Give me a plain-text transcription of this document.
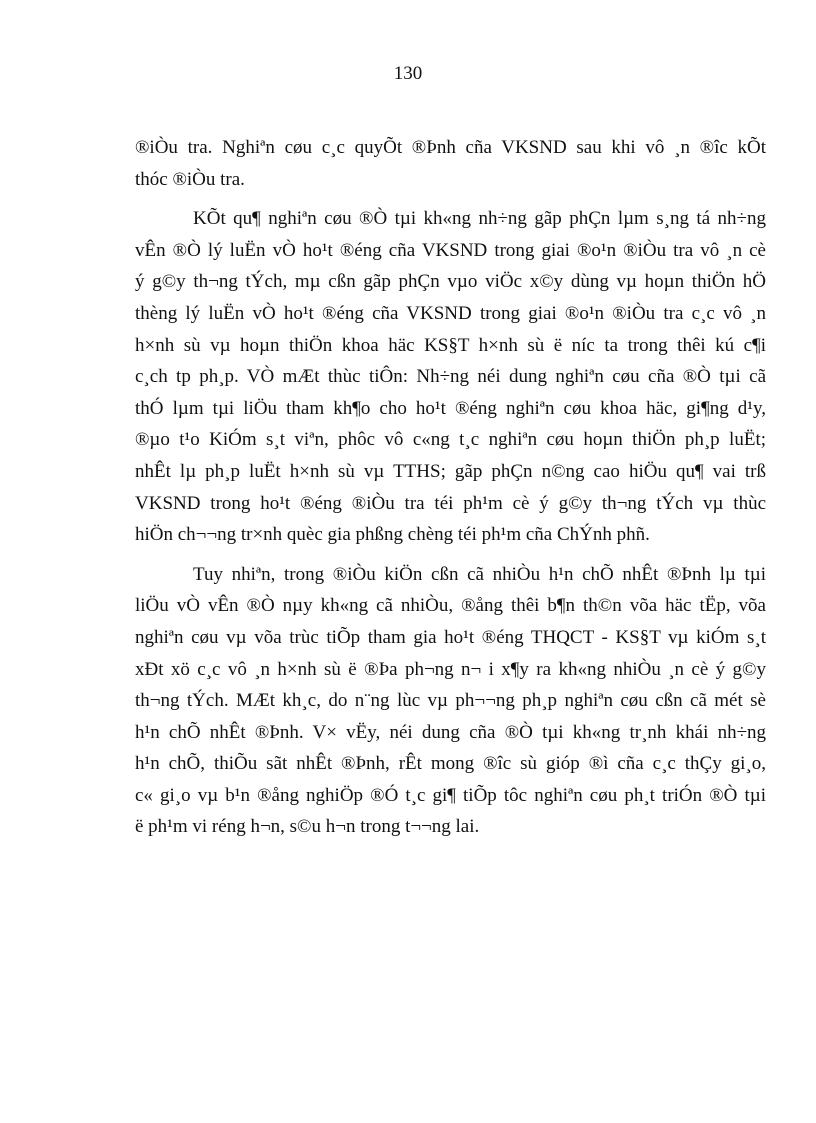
130
®iÒu tra. Nghiªn cøu c¸c quyÕt ®Þnh cña VKSND sau khi vô ¸n ®îc kÕt
thóc ®iÒu tra.
KÕt qu¶ nghiªn cøu ®Ò tµi kh«ng nh÷ng gãp phÇn lµm s¸ng tá nh÷ng
vÊn ®Ò lý luËn vÒ ho¹t ®éng cña VKSND trong giai ®o¹n ®iÒu tra vô ¸n cè
ý g©y th¬ng tÝch, mµ cßn gãp phÇn vµo viÖc x©y dùng vµ hoµn thiÖn hÖ
thèng lý luËn vÒ ho¹t ®éng cña VKSND trong giai ®o¹n ®iÒu tra c¸c vô ¸n
h×nh sù vµ hoµn thiÖn khoa häc KS§T h×nh sù ë níc ta trong thêi kú c¶i
c¸ch tp ph¸p. VÒ mÆt thùc tiÔn: Nh÷ng néi dung nghiªn cøu cña ®Ò tµi cã
thÓ lµm tµi liÖu tham kh¶o cho ho¹t ®éng nghiªn cøu khoa häc, gi¶ng d¹y,
®µo t¹o KiÓm s¸t viªn, phôc vô c«ng t¸c nghiªn cøu hoµn thiÖn ph¸p luËt;
nhÊt lµ ph¸p luËt h×nh sù vµ TTHS; gãp phÇn n©ng cao hiÖu qu¶ vai trß
VKSND trong ho¹t ®éng ®iÒu tra téi ph¹m cè ý g©y th¬ng tÝch vµ thùc
hiÖn ch¬¬ng tr×nh quèc gia phßng chèng téi ph¹m cña ChÝnh phñ.
Tuy nhiªn, trong ®iÒu kiÖn cßn cã nhiÒu h¹n chÕ nhÊt ®Þnh lµ tµi
liÖu vÒ vÊn ®Ò nµy kh«ng cã nhiÒu, ®ång thêi b¶n th©n võa häc tËp, võa
nghiªn cøu vµ võa trùc tiÕp tham gia ho¹t ®éng THQCT - KS§T vµ kiÓm s¸t
xÐt xö c¸c vô ¸n h×nh sù ë ®Þa ph¬ng n¬ i x¶y ra kh«ng nhiÒu ¸n cè ý g©y
th¬ng tÝch. MÆt kh¸c, do n¨ng lùc vµ ph¬¬ng ph¸p nghiªn cøu cßn cã mét sè
h¹n chÕ nhÊt ®Þnh. V× vËy, néi dung cña ®Ò tµi kh«ng tr¸nh khái nh÷ng
h¹n chÕ, thiÕu sãt nhÊt ®Þnh, rÊt mong ®îc sù gióp ®ì cña c¸c thÇy gi¸o,
c« gi¸o vµ b¹n ®ång nghiÖp ®Ó t¸c gi¶ tiÕp tôc nghiªn cøu ph¸t triÓn ®Ò tµi
ë ph¹m vi réng h¬n, s©u h¬n trong t¬¬ng lai.
